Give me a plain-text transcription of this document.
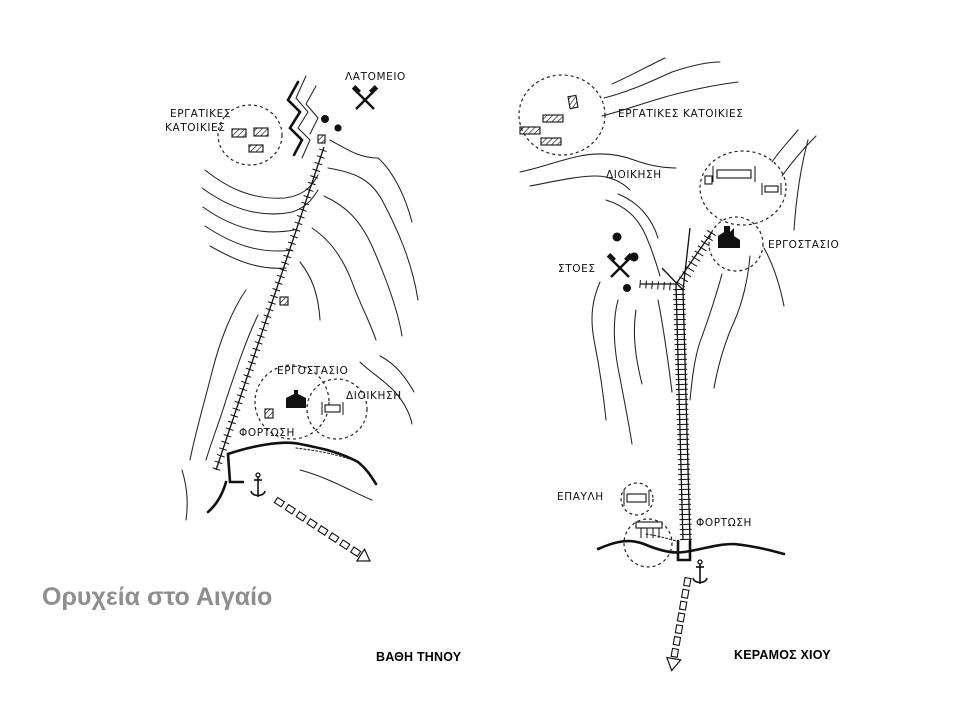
ΛΑΤΟΜΕΙΟ
ΕΡΓΑΤΙΚΕΣ
ΚΑΤΟΙΚΙΕΣ
ΕΡΓΟΣΤΑΣΙΟ
ΔΙΟΙΚΗΣΗ
ΦΟΡΤΩΣΗ
ΕΡΓΑΤΙΚΕΣ ΚΑΤΟΙΚΙΕΣ
ΔΙΟΙΚΗΣΗ
ΕΡΓΟΣΤΑΣΙΟ
ΣΤΟΕΣ
ΕΠΑΥΛΗ
ΦΟΡΤΩΣΗ
Ορυχεία στο Αιγαίο
ΒΑΘΗ ΤΗΝΟΥ	ΚΕΡΑΜΟΣ ΧΙΟΥ
